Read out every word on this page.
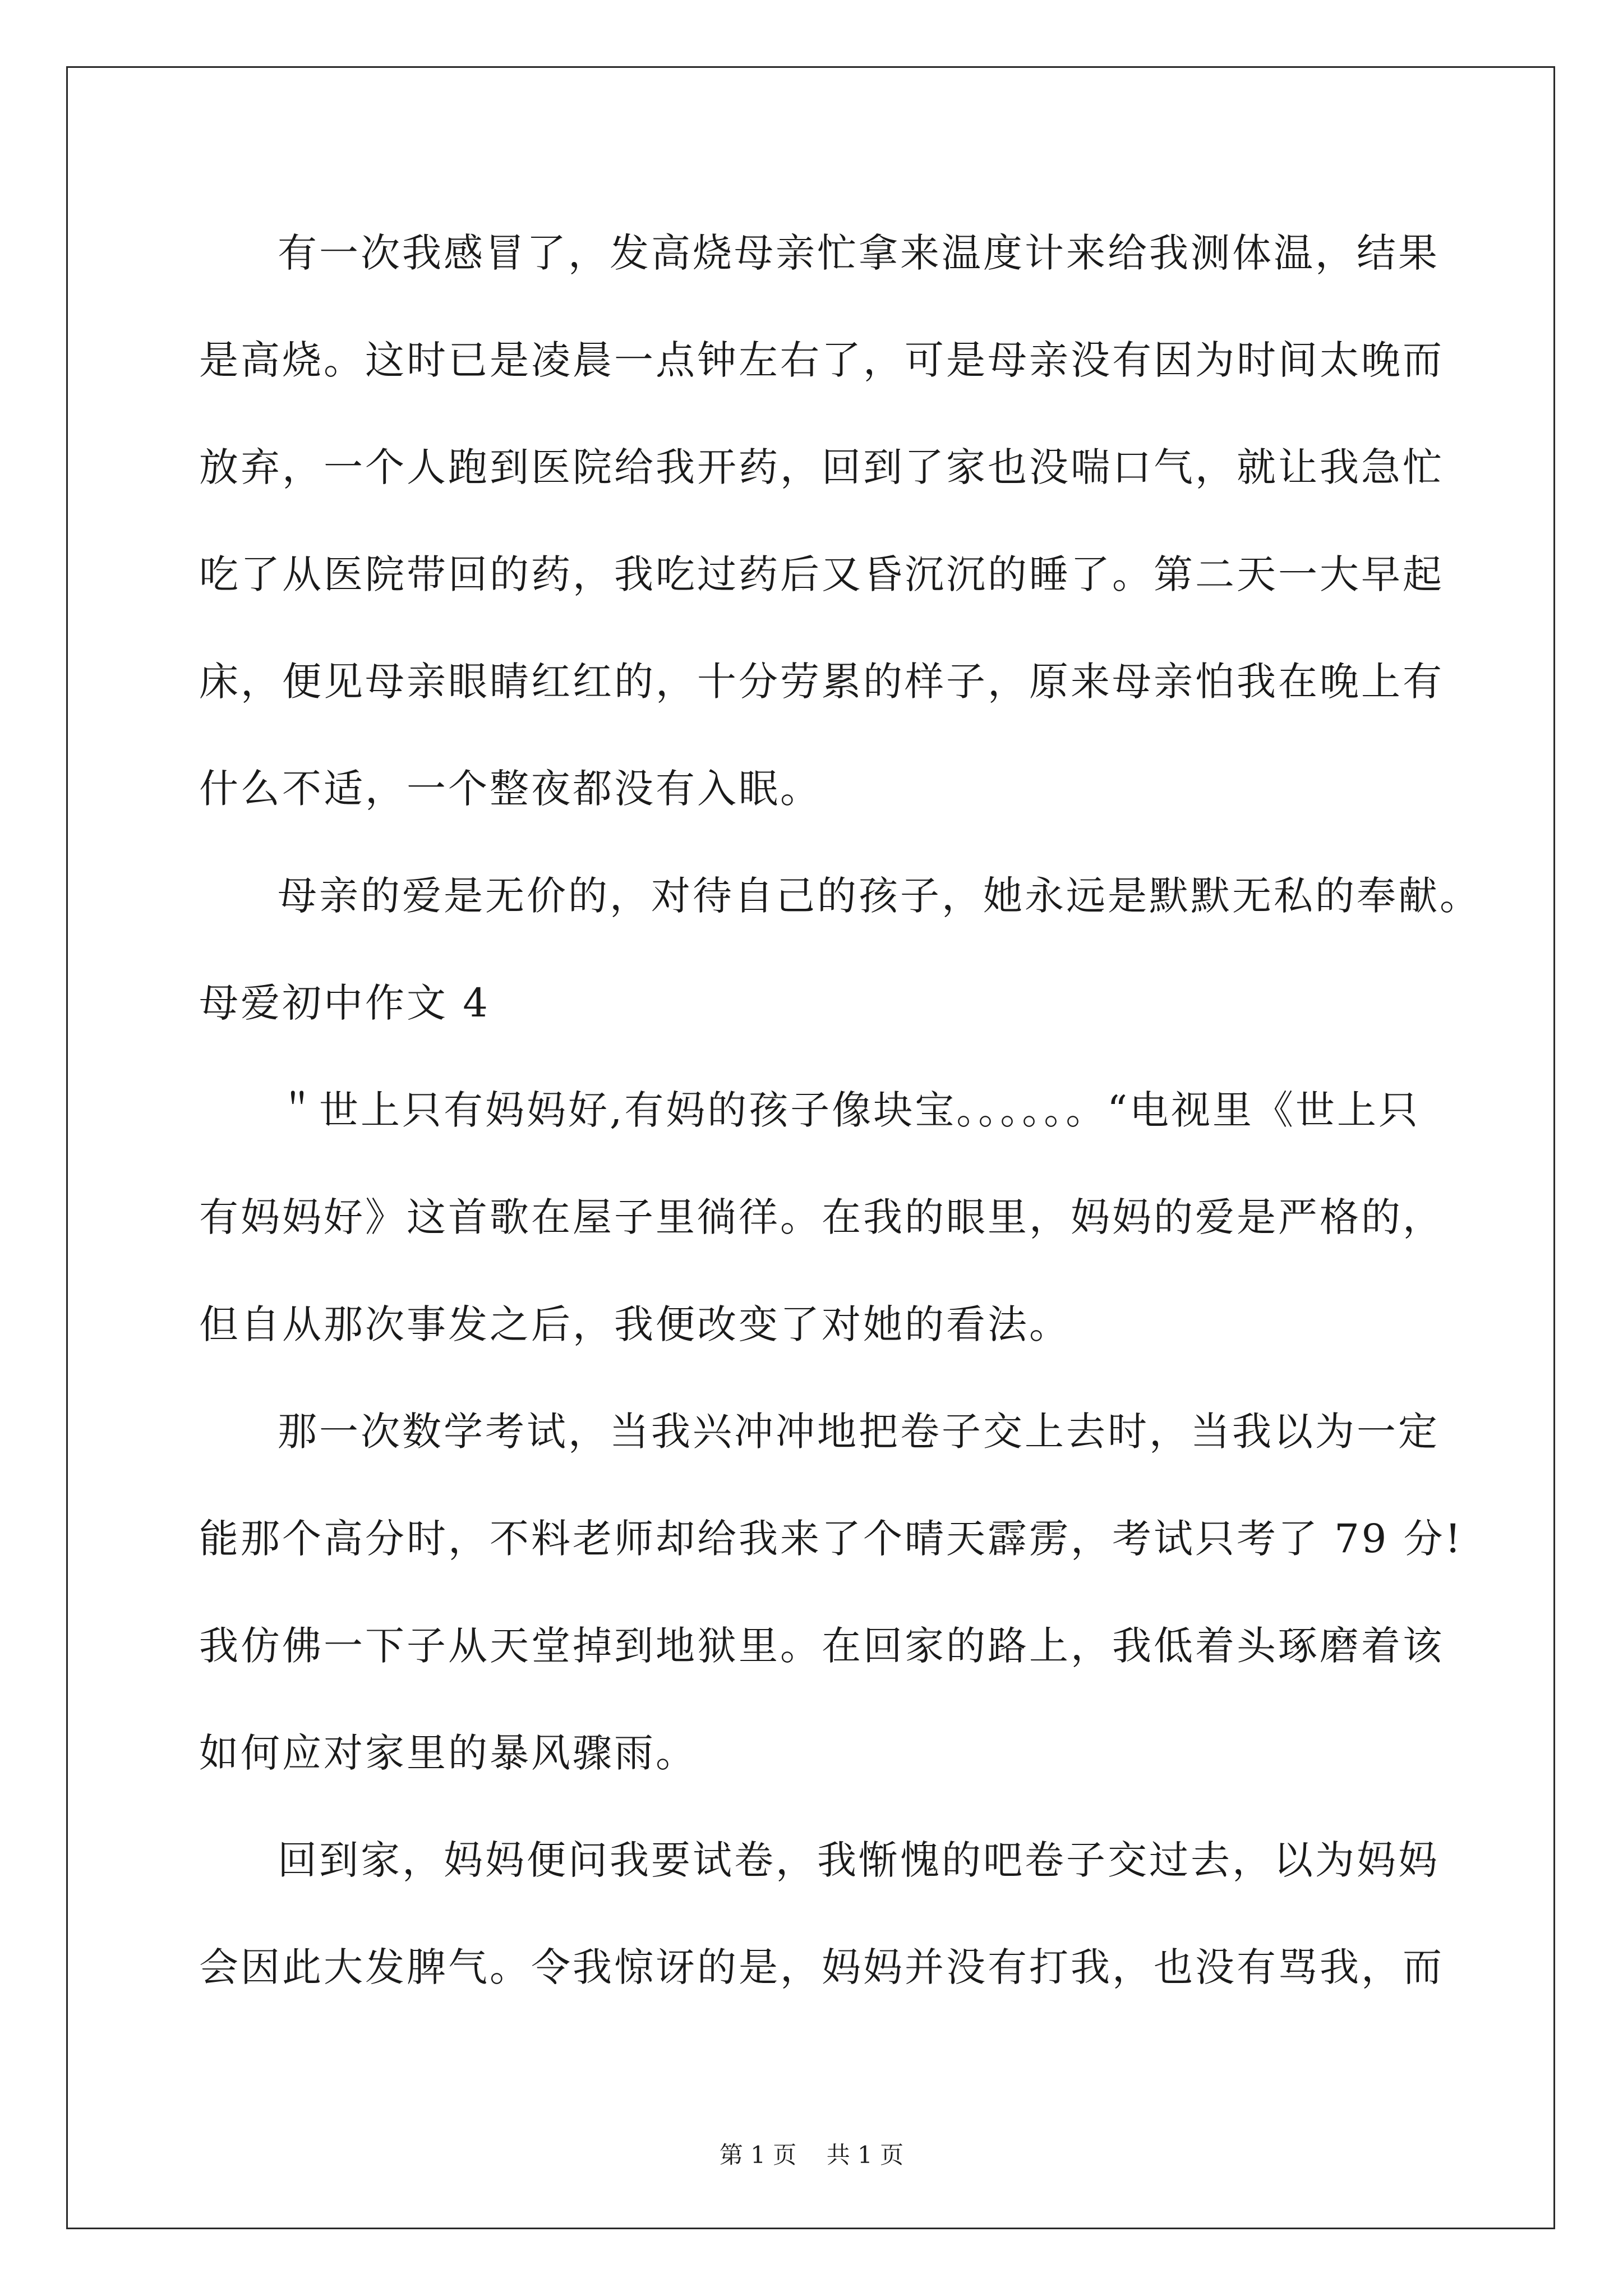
有一次我感冒了，发高烧母亲忙拿来温度计来给我测体温，结果
是高烧。这时已是凌晨一点钟左右了，可是母亲没有因为时间太晚而
放弃，一个人跑到医院给我开药，回到了家也没喘口气，就让我急忙
吃了从医院带回的药，我吃过药后又昏沉沉的睡了。第二天一大早起
床，便见母亲眼睛红红的，十分劳累的样子，原来母亲怕我在晚上有
什么不适，一个整夜都没有入眠。
母亲的爱是无价的，对待自己的孩子，她永远是默默无私的奉献。
母爱初中作文 4
＂世上只有妈妈好,有妈的孩子像块宝。。。。。。“电视里《世上只
有妈妈好》这首歌在屋子里徜徉。在我的眼里，妈妈的爱是严格的，
但自从那次事发之后，我便改变了对她的看法。
那一次数学考试，当我兴冲冲地把卷子交上去时，当我以为一定
能那个高分时，不料老师却给我来了个晴天霹雳，考试只考了 79 分!
我仿佛一下子从天堂掉到地狱里。在回家的路上，我低着头琢磨着该
如何应对家里的暴风骤雨。
回到家，妈妈便问我要试卷，我惭愧的吧卷子交过去，以为妈妈
会因此大发脾气。令我惊讶的是，妈妈并没有打我，也没有骂我，而
第 1 页    共 1 页
